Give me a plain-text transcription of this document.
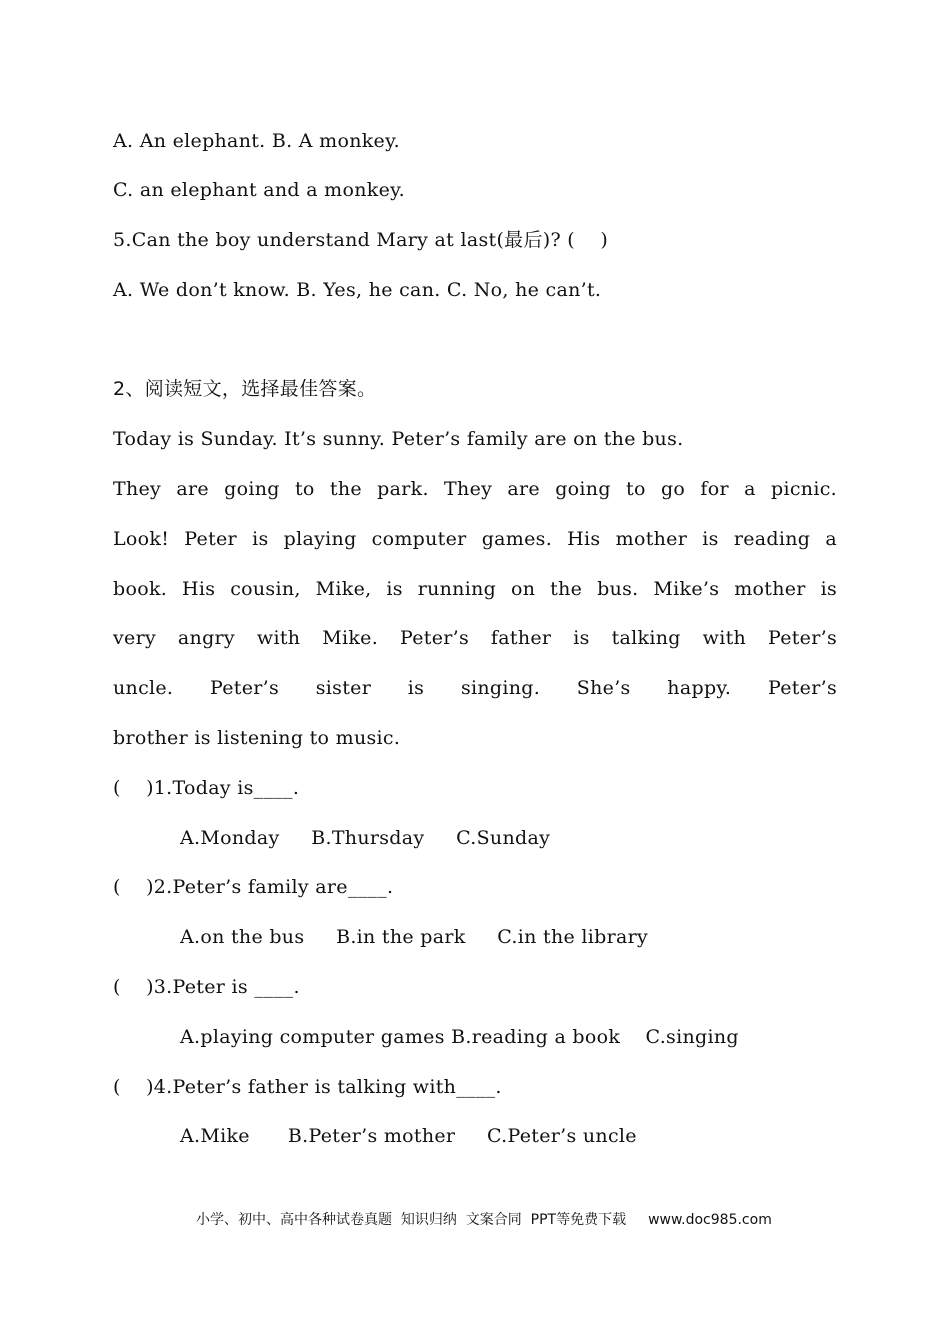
A. An elephant. B. A monkey.
C. an elephant and a monkey.
5.Can the boy understand Mary at last(最后)? (    )
A. We don’t know. B. Yes, he can. C. No, he can’t.
2、阅读短文，选择最佳答案。
Today is Sunday. It’s sunny. Peter’s family are on the bus.
They are going to the park. They are going to go for a picnic.
Look! Peter is playing computer games. His mother is reading a
book. His cousin, Mike, is running on the bus. Mike’s mother is
very angry with Mike. Peter’s father is talking with Peter’s
uncle. Peter’s sister is singing. She’s happy. Peter’s
brother is listening to music.
(    )1.Today is____.
A.Monday     B.Thursday     C.Sunday
(    )2.Peter’s family are____.
A.on the bus     B.in the park     C.in the library
(    )3.Peter is ____.
A.playing computer games B.reading a book    C.singing
(    )4.Peter’s father is talking with____.
A.Mike      B.Peter’s mother     C.Peter’s uncle

小学、初中、高中各种试卷真题  知识归纳  文案合同  PPT等免费下载 www.doc985.com
